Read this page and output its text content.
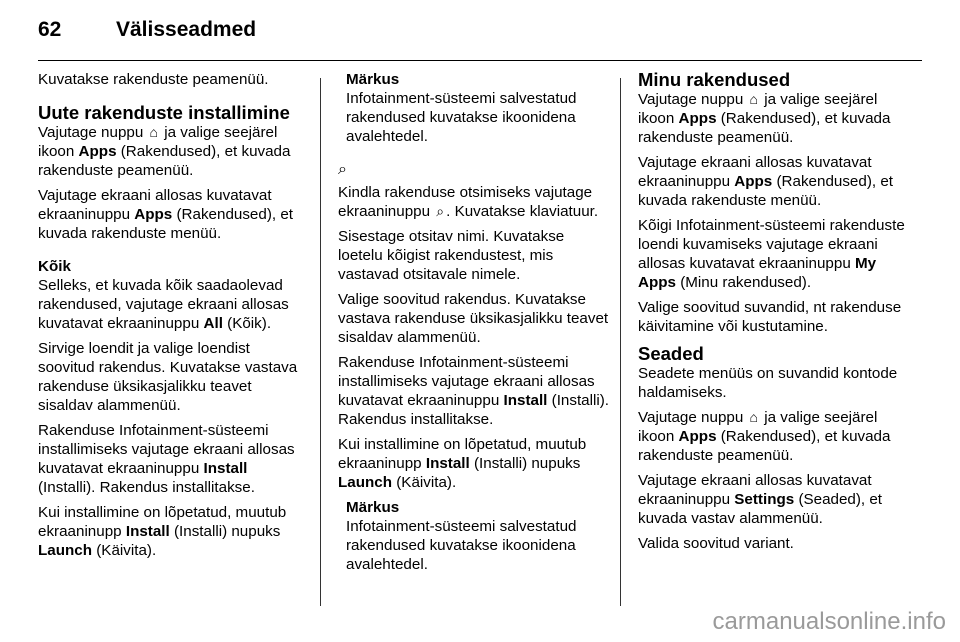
62	Välisseadmed

Kuvatakse rakenduste peamenüü.

Uute rakenduste installimine

Vajutage nuppu ⌂ ja valige seejärel ikoon Apps (Rakendused), et kuvada rakenduste peamenüü.

Vajutage ekraani allosas kuvatavat ekraaninuppu Apps (Rakendused), et kuvada rakenduste menüü.

Kõik

Selleks, et kuvada kõik saadaolevad rakendused, vajutage ekraani allosas kuvatavat ekraaninuppu All (Kõik).

Sirvige loendit ja valige loendist soovitud rakendus. Kuvatakse vastava rakenduse üksikasjalikku teavet sisaldav alammenüü.

Rakenduse Infotainment-süsteemi installimiseks vajutage ekraani allosas kuvatavat ekraaninuppu Install (Installi). Rakendus installitakse.

Kui installimine on lõpetatud, muutub ekraaninupp Install (Installi) nupuks Launch (Käivita).

Märkus
Infotainment-süsteemi salvestatud rakendused kuvatakse ikoonidena avalehtedel.

⌕

Kindla rakenduse otsimiseks vajutage ekraaninuppu ⌕ . Kuvatakse klaviatuur.

Sisestage otsitav nimi. Kuvatakse loetelu kõigist rakendustest, mis vastavad otsitavale nimele.

Valige soovitud rakendus. Kuvatakse vastava rakenduse üksikasjalikku teavet sisaldav alammenüü.

Rakenduse Infotainment-süsteemi installimiseks vajutage ekraani allosas kuvatavat ekraaninuppu Install (Installi). Rakendus installitakse.

Kui installimine on lõpetatud, muutub ekraaninupp Install (Installi) nupuks Launch (Käivita).

Märkus
Infotainment-süsteemi salvestatud rakendused kuvatakse ikoonidena avalehtedel.
Minu rakendused

Vajutage nuppu ⌂ ja valige seejärel ikoon Apps (Rakendused), et kuvada rakenduste peamenüü.

Vajutage ekraani allosas kuvatavat ekraaninuppu Apps (Rakendused), et kuvada rakenduste menüü.

Kõigi Infotainment-süsteemi rakenduste loendi kuvamiseks vajutage ekraani allosas kuvatavat ekraaninuppu My Apps (Minu rakendused).

Valige soovitud suvandid, nt rakenduse käivitamine või kustutamine.

Seaded

Seadete menüüs on suvandid kontode haldamiseks.

Vajutage nuppu ⌂ ja valige seejärel ikoon Apps (Rakendused), et kuvada rakenduste peamenüü.

Vajutage ekraani allosas kuvatavat ekraaninuppu Settings (Seaded), et kuvada vastav alammenüü.

Valida soovitud variant.

carmanualsonline.info
